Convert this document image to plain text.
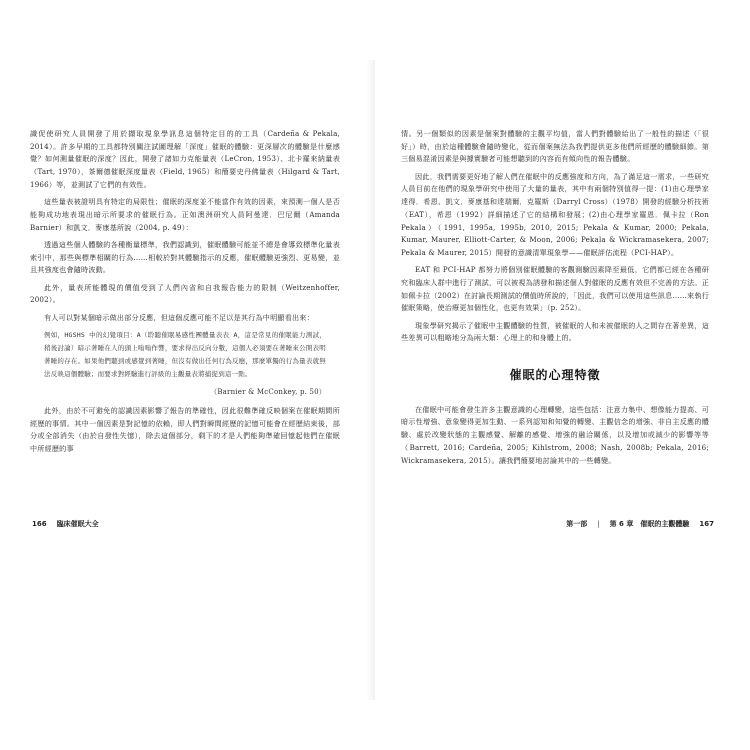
識促使研究人員開發了用於擷取現象學訊息這個特定目的的工具（Cardeña & Pekala, 2014）。許多早期的工具都特別關注試圖理解「深度」催眠的體驗：更深層次的體驗是什麼感覺？如何測量催眠的深度？因此，開發了諸如力克能量表（LeCron, 1953）、北卡羅來納量表（Tart, 1970），茶爾德催眠深度量表（Field, 1965）和簡要史丹佛量表（Hilgard & Tart, 1966）等，並測試了它們的有效性。

這些量表被證明具有特定的局限性；催眠的深度並不能當作有效的因素，來預測一個人是否能夠成功地表現出暗示所要求的催眠行為。正如澳洲研究人員阿曼達．巴尼爾（Amanda Barnier）和凱文．麥康基所說（2004, p. 49）：

透過這些個人體驗的各種衡量標準，我們認識到，催眠體驗可能並不總是會導致標準化量表索引中，那些與標準相關的行為……相較於對其體驗指示的反應，催眠體驗更強烈、更易變，並且其強度也會隨時波動。

此外，量表所能體現的價值受到了人們內省和自我報告能力的限制（Weitzenhoffer, 2002）。

有人可以對某個暗示做出部分反應，但這個反應可能不足以是其行為中明顯看出來：

例如，HGSHS 中的幻覺項目：A（聆聽催眠易感性團體量表表 A，這是常見的催眠能力測試，稍後討論）暗示著睡在人的頭上嗡嗡作響，要求得出反向分數，這個人必須要在著睡來公開表明著睡的存在。如果他們聽到或感覺到著睡，但沒有做出任何行為反應，那麼單獨的行為量表就無法反映這個體驗；而要求對經驗進行評級的主觀量表將捕捉到這一點。
（Barnier & McConkey, p. 50）

此外，由於不可避免的認識因素影響了報告的準確性，因此很難準確反映個案在催眠期間所經歷的事情。其中一個因素是對記憶的依賴，即人們對瞬間經歷的記憶可能會在經歷結束後，部分或全部消失（由於自發性失憶），除去這個部分，剩下的才是人們能夠準確回憶起他們在催眠中所經歷的事

166 臨床催眠大全

情。另一個類似的因素是個案對體驗的主觀平均值，當人們對體驗給出了一般性的描述（「很好」）時，由於這種體驗會隨時變化，從而個案無法為我們提供更多他們所經歷的體驗細節。第三個易混淆因素是與據實驗者可能想聽到的內容而有傾向性的報告體驗。

因此，我們需要更好地了解人們在催眠中的反應強度和方向，為了滿足這一需求，一些研究人員目前在他們的現象學研究中使用了大量的量表，其中有兩個特別值得一提：(1)由心理學家達得．希恩、凱文．麥康基和達瑞爾．克羅斯（Darryl Cross）（1978）開發的經驗分析技術（EAT），希恩（1992）詳細描述了它的結構和發展；(2)由心理學家羅恩．佩卡拉（Ron Pekala）（1991, 1995a, 1995b, 2010, 2015; Pekala & Kumar, 2000; Pekala, Kumar, Maurer, Elliott-Carter, & Moon, 2006; Pekala & Wickramasekera, 2007; Pekala & Maurer, 2015）開發的意識清單現象學——催眠評估流程（PCI-HAP）。

EAT 和 PCI-HAP 都努力將個別催眠體驗的客觀測驗因素降至最低，它們都已經在各種研究和臨床人群中進行了測試，可以被視為誘發和描述個人對催眠的反應有效但不完善的方法。正如佩卡拉（2002）在討論長期測試的價值時所說的，「因此，我們可以使用這些訊息……來執行催眠策略，使治療更加個性化，也更有效果」（p. 252）。

現象學研究揭示了催眠中主觀體驗的性質，被催眠的人和未被催眠的人之間存在著差異，這些差異可以粗略地分為兩大類：心理上的和身體上的。

催眠的心理特徵

在催眠中可能會發生許多主觀意識的心理轉變，這些包括：注意力集中、想像能力提高、可暗示性增強、意象變得更加生動、一系列認知和知覺的轉變、主觀信念的增強、非自主反應的體驗、處於改變狀態的主觀感覺、解離的感覺、增強的融洽關係，以及增加或減少的影響等等（Barrett, 2016; Cardeña, 2005; Kihlstrom, 2008; Nash, 2008b; Pekala, 2016; Wickramasekera, 2015）。讓我們簡要地討論其中的一些轉變。

第一部 | 第 6 章　催眠的主觀體驗 167
